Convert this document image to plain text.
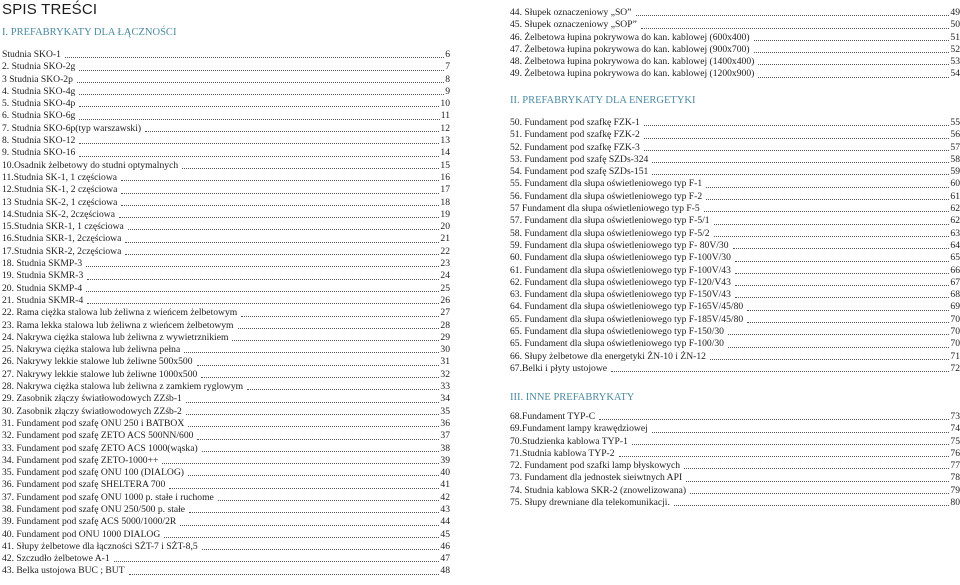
SPIS TREŚCI
I. PREFABRYKATY DLA ŁĄCZNOŚCI
Studnia SKO-1	6
2. Studnia SKO-2g	7
3 Studnia SKO-2p	8
4. Studnia SKO-4g	9
5. Studnia SKO-4p	10
6. Studnia SKO-6g	11
7. Studnia SKO-6p(typ warszawski)	12
8. Studnia SKO-12	13
9. Studnia SKO-16	14
10.Osadnik żelbetowy do studni optymalnych	15
11.Studnia SK-1, 1 częściowa	16
12.Studnia SK-1, 2 częściowa	17
13 Studnia SK-2, 1 częściowa	18
14.Studnia SK-2, 2częściowa	19
15.Studnia SKR-1, 1 częściowa	20
16.Studnia SKR-1, 2częściowa	21
17.Studnia SKR-2, 2częściowa	22
18. Studnia SKMP-3	23
19. Studnia SKMR-3	24
20. Studnia SKMP-4	25
21. Studnia SKMR-4	26
22. Rama ciężka stalowa lub żeliwna z wieńcem żelbetowym	27
23. Rama lekka stalowa lub żeliwna z wieńcem żelbetowym	28
24. Nakrywa ciężka stalowa lub żeliwna z wywietrznikiem	29
25. Nakrywa ciężka stalowa lub żeliwna pełna	30
26. Nakrywy lekkie stalowe lub żeliwne 500x500	31
27. Nakrywy lekkie stalowe lub żeliwne 1000x500	32
28. Nakrywa ciężka stalowa lub żeliwna z zamkiem ryglowym	33
29. Zasobnik złączy światłowodowych ZZśb-1	34
30. Zasobnik złączy światłowodowych ZZśb-2	35
31. Fundament pod szafę ONU 250 i BATBOX	36
32. Fundament pod szafę ZETO ACS 500NN/600	37
33. Fundament pod szafę ZETO ACS 1000(wąska)	38
34. Fundament pod szafę ZETO-1000++	39
35. Fundament pod szafę ONU 100 (DIALOG)	40
36. Fundament pod szafę SHELTERA 700	41
37. Fundament pod szafę ONU 1000 p. stałe i ruchome	42
38. Fundament pod szafę ONU 250/500 p. stałe	43
39. Fundament pod szafę ACS 5000/1000/2R	44
40. Fundament pod ONU 1000 DIALOG	45
41. Słupy żelbetowe dla łączności SŻT-7 i SŻT-8,5	46
42. Szczudło żelbetowe A-1	47
43. Belka ustojowa BUC ; BUT	48
44. Słupek oznaczeniowy „SO”	49
45. Słupek oznaczeniowy „SOP”	50
46. Żelbetowa łupina pokrywowa do kan. kablowej (600x400)	51
47. Żelbetowa łupina pokrywowa do kan. kablowej (900x700)	52
48. Żelbetowa łupina pokrywowa do kan. kablowej (1400x400)	53
49. Żelbetowa łupina pokrywowa do kan. kablowej (1200x900)	54
II. PREFABRYKATY DLA ENERGETYKI
50. Fundament pod szafkę FZK-1	55
51. Fundament pod szafkę FZK-2	56
52. Fundament pod szafkę FZK-3	57
53. Fundament pod szafę SZDs-324	58
54. Fundament pod szafę SZDs-151	59
55. Fundament dla słupa oświetleniowego typ F-1	60
56. Fundament dla słupa oświetleniowego typ F-2	61
57 Fundament dla słupa oświetleniowego typ F-5	62
57. Fundament dla słupa oświetleniowego typ F-5/1	62
58. Fundament dla słupa oświetleniowego typ F-5/2	63
59. Fundament dla słupa oświetleniowego typ F- 80V/30	64
60. Fundament dla słupa oświetleniowego typ F-100V/30	65
61. Fundament dla słupa oświetleniowego typ F-100V/43	66
62. Fundament dla słupa oświetleniowego typ F-120/V43	67
63. Fundament dla słupa oświetleniowego typ F-150V/43	68
64. Fundament dla słupa oświetleniowego typ F-165V/45/80	69
65. Fundament dla słupa oświetleniowego typ F-185V/45/80	70
65. Fundament dla słupa oświetleniowego typ F-150/30	70
65. Fundament dla słupa oświetleniowego typ F-100/30	70
66. Słupy żelbetowe dla energetyki ŻN-10 i ŻN-12	71
67.Belki i płyty ustojowe	72
III. INNE PREFABRYKATY
68.Fundament TYP-C	73
69.Fundament lampy krawędziowej	74
70.Studzienka kablowa TYP-1	75
71.Studnia kablowa TYP-2	76
72. Fundament pod szafki lamp błyskowych	77
73. Fundament dla jednostek sieiwtnych API	78
74. Studnia kablowa SKR-2 (znowelizowana)	79
75. Słupy drewniane dla telekomunikacji.	80
